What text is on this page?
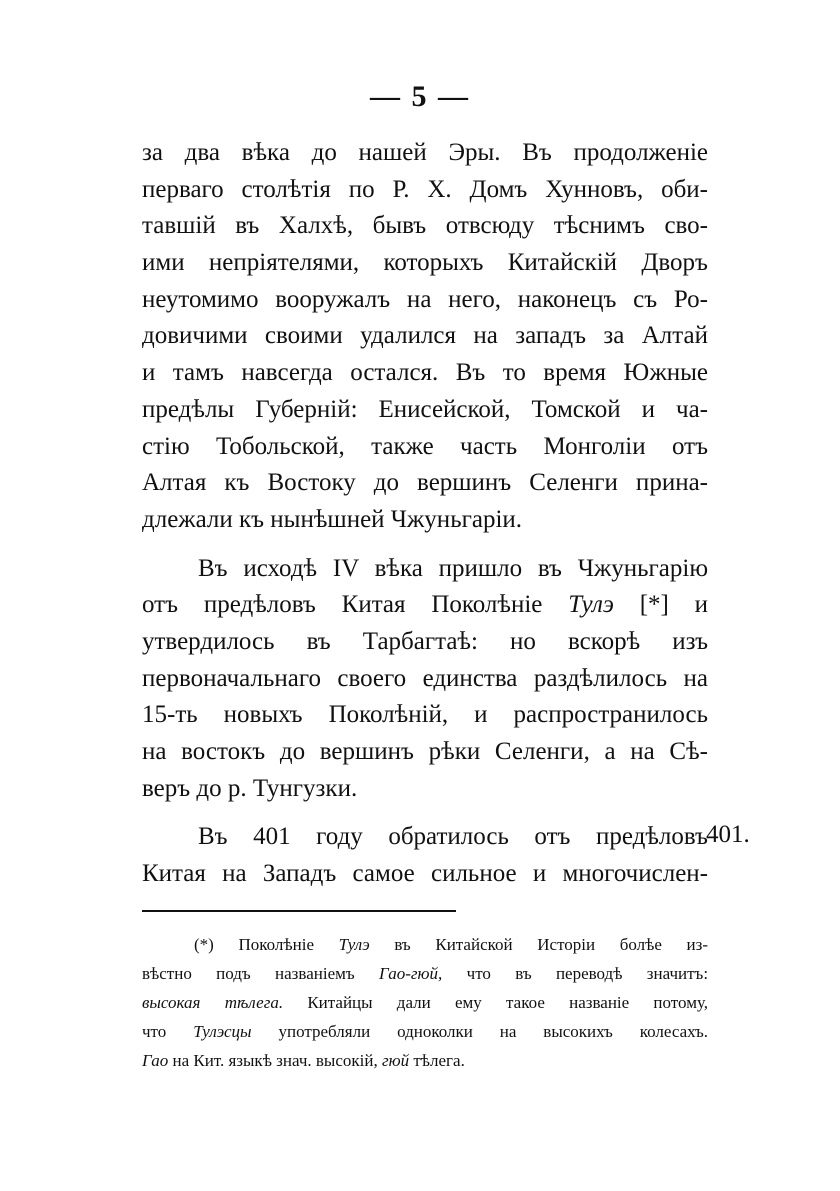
— 5 —
за два вѣка до нашей Эры. Въ продолженіе
перваго столѣтія по Р. Х. Домъ Хунновъ, оби-
тавшій въ Халхѣ, бывъ отвсюду тѣснимъ сво-
ими непріятелями, которыхъ Китайскій Дворъ
неутомимо вооружалъ на него, наконецъ съ Ро-
довичими своими удалился на западъ за Алтай
и тамъ навсегда остался. Въ то время Южные
предѣлы Губерній: Енисейской, Томской и ча-
стію Тобольской, также часть Монголіи отъ
Алтая къ Востоку до вершинъ Селенги прина-
длежали къ нынѣшней Чжуньгаріи.
Въ исходѣ IV вѣка пришло въ Чжуньгарію
отъ предѣловъ Китая Поколѣніе Тулэ [*] и
утвердилось въ Тарбагтаѣ: но вскорѣ изъ
первоначальнаго своего единства раздѣлилось на
15-ть новыхъ Поколѣній, и распространилось
на востокъ до вершинъ рѣки Селенги, а на Сѣ-
веръ до р. Тунгузки.
Въ 401 году обратилось отъ предѣловъ
Китая на Западъ самое сильное и многочислен-
401.
(*) Поколѣніе Тулэ въ Китайской Исторіи болѣе из-
вѣстно подъ названіемъ Гао-гюй, что въ переводѣ значитъ:
высокая тѣлега. Китайцы дали ему такое названіе потому,
что Тулэсцы употребляли одноколки на высокихъ колесахъ.
Гао на Кит. языкѣ знач. высокій, гюй тѣлега.
